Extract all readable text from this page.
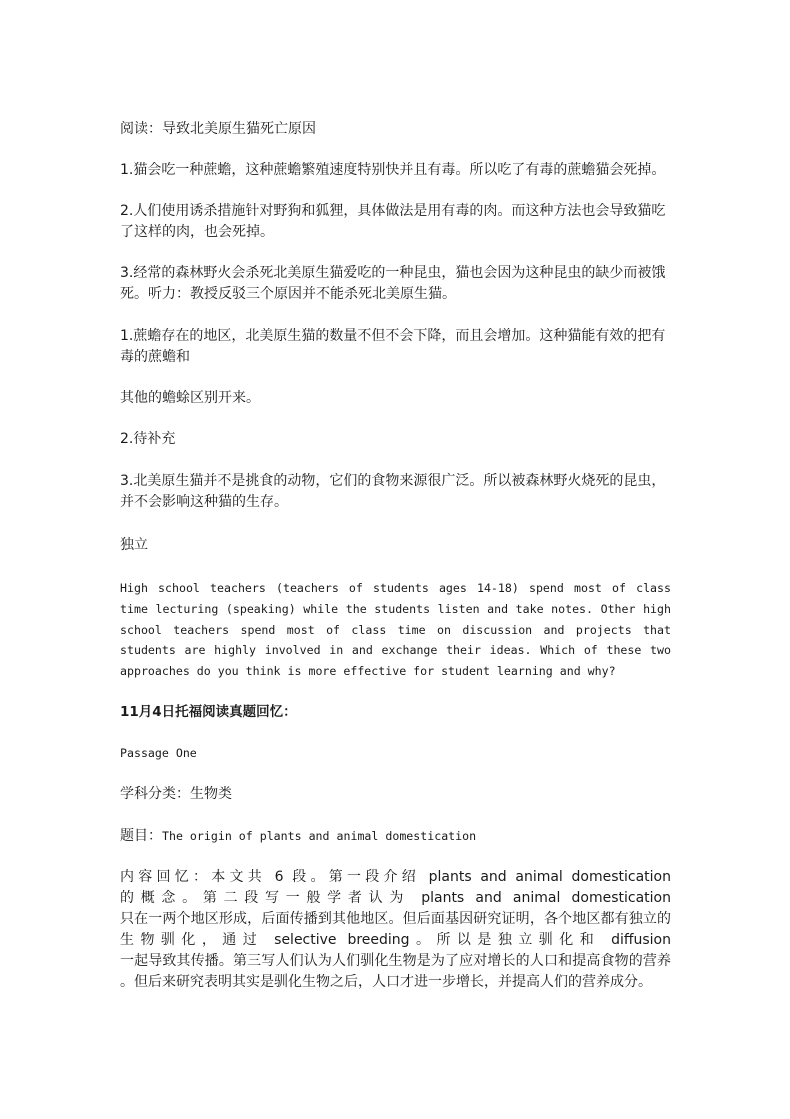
阅读：导致北美原生猫死亡原因

1.猫会吃一种蔗蟾，这种蔗蟾繁殖速度特别快并且有毒。所以吃了有毒的蔗蟾猫会死掉。

2.人们使用诱杀措施针对野狗和狐狸，具体做法是用有毒的肉。而这种方法也会导致猫吃
了这样的肉，也会死掉。

3.经常的森林野火会杀死北美原生猫爱吃的一种昆虫，猫也会因为这种昆虫的缺少而被饿
死。听力：教授反驳三个原因并不能杀死北美原生猫。

1.蔗蟾存在的地区，北美原生猫的数量不但不会下降，而且会增加。这种猫能有效的把有
毒的蔗蟾和

其他的蟾蜍区别开来。

2.待补充

3.北美原生猫并不是挑食的动物，它们的食物来源很广泛。所以被森林野火烧死的昆虫，
并不会影响这种猫的生存。

独立

High school teachers (teachers of students ages 14-18) spend most of class
time lecturing (speaking) while the students listen and take notes. Other high
school teachers spend most of class time on discussion and projects that
students are highly involved in and exchange their ideas. Which of these two
approaches do you think is more effective for student learning and why?

11月4日托福阅读真题回忆：

Passage One

学科分类：生物类

题目：The origin of plants and animal domestication

内容回忆：本文共 6 段。第一段介绍 plants and animal domestication
的概念。第二段写一般学者认为 plants and animal domestication
只在一两个地区形成，后面传播到其他地区。但后面基因研究证明，各个地区都有独立的
生物驯化，通过 selective breeding。所以是独立驯化和 diffusion
一起导致其传播。第三写人们认为人们驯化生物是为了应对增长的人口和提高食物的营养
。但后来研究表明其实是驯化生物之后，人口才进一步增长，并提高人们的营养成分。
